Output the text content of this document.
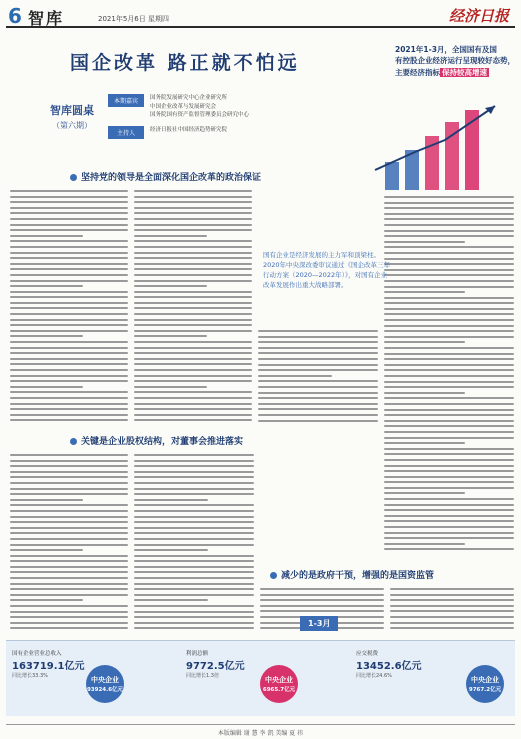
6 智库	2021年5月6日 星期四	经济日报
国企改革 路正就不怕远
智库圆桌
（第六期）
本期嘉宾	国务院发展研究中心企业研究所
中国企业改革与发展研究会
国务院国有资产监督管理委员会研究中心
主持人	经济日报社中国经济趋势研究院
2021年1-3月，全国国有及国
有控股企业经济运行呈现较好态势，
主要经济指标 保持较高增速
坚持党的领导是全面深化国企改革的政治保证
关键是企业股权结构，对董事会推进落实
减少的是政府干预，增强的是国资监管
国有企业是经济发展的主力军和顶梁柱。2020年中央深改委审议通过《国企改革三年行动方案（2020—2022年）》，对国有企业改革发展作出重大战略部署。
1-3月
国有企业营业总收入
163719.1亿元
同比增长33.3%	中央企业
93924.6亿元
利润总额
9772.5亿元
同比增长1.3倍	中央企业
6965.7亿元
应交税费
13452.6亿元
同比增长24.6%	中央企业
9767.2亿元
本版编辑 谢 慧 李 凯 美编 夏 祎
